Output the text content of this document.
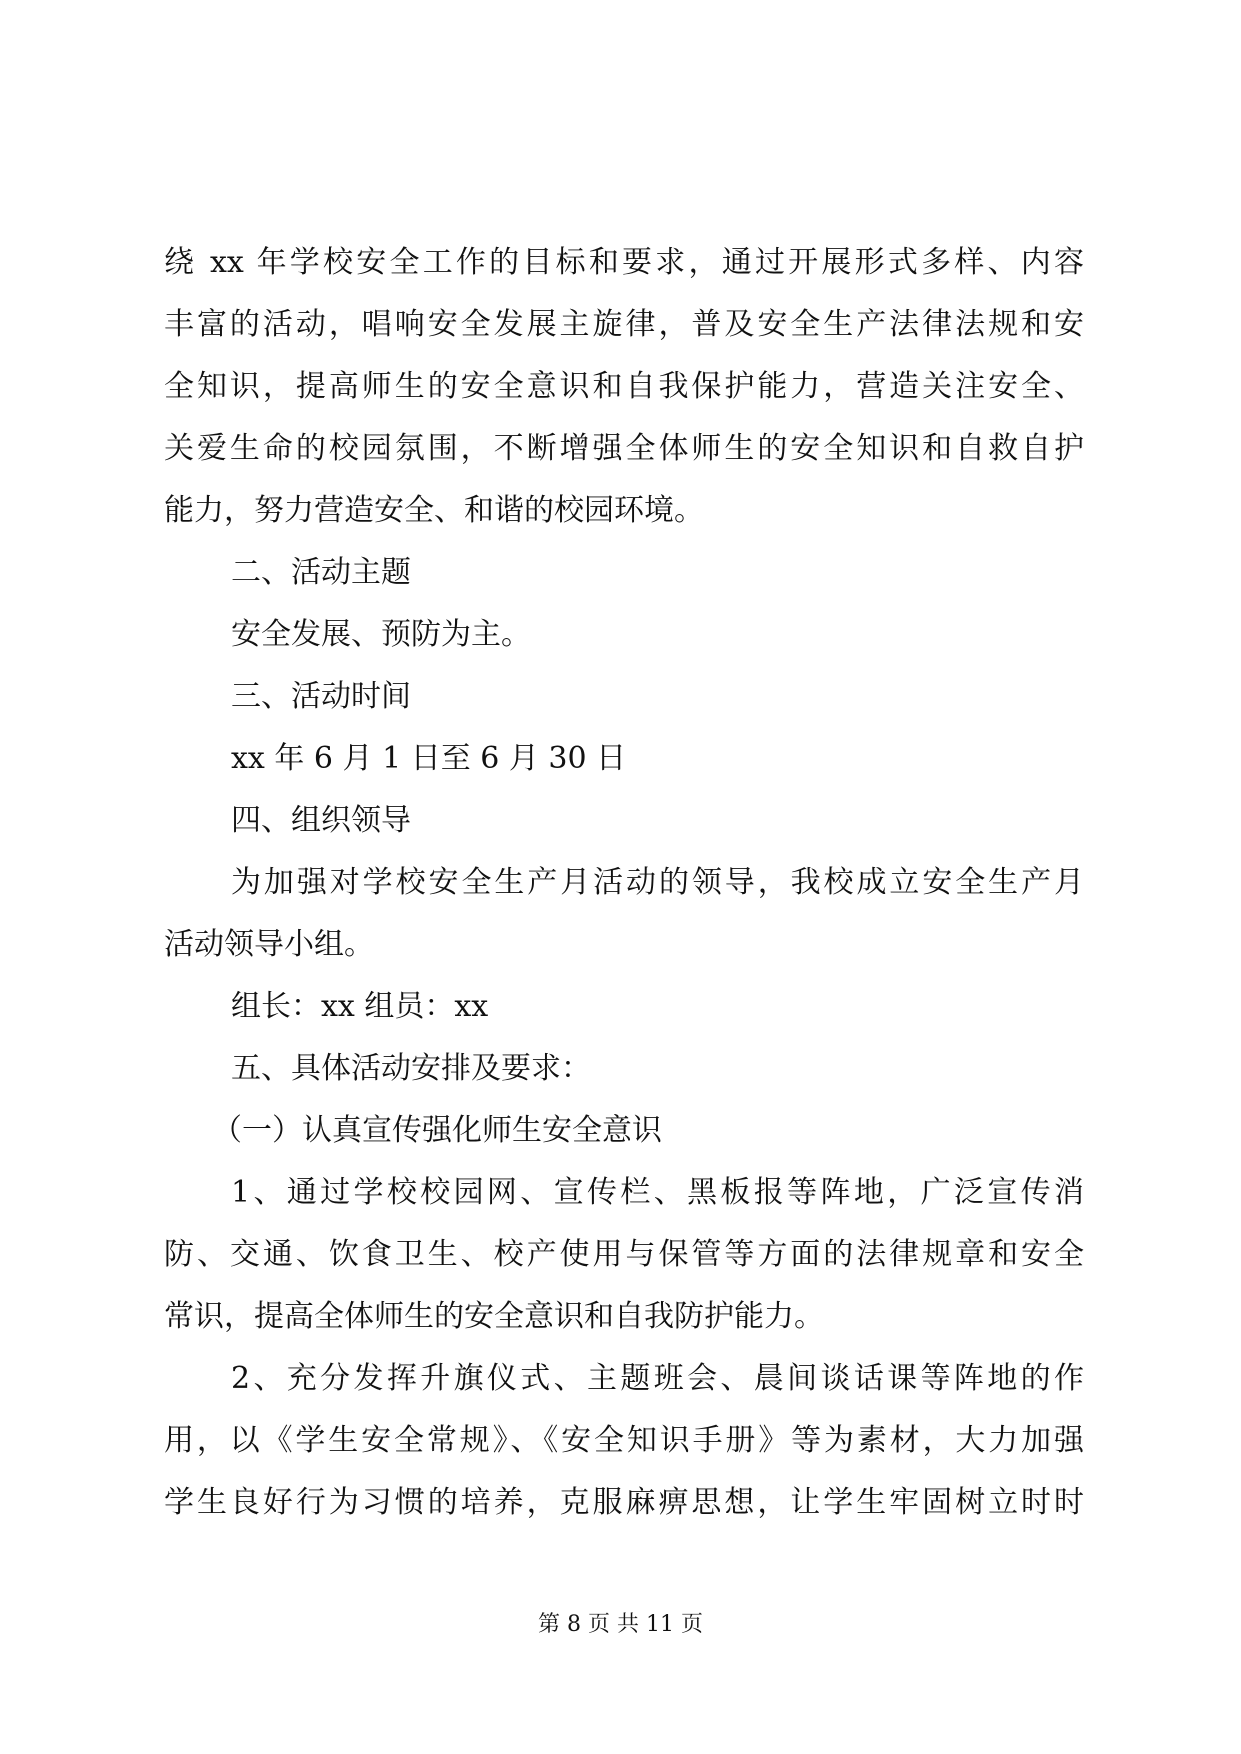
绕 xx 年学校安全工作的目标和要求，通过开展形式多样、内容
丰富的活动，唱响安全发展主旋律，普及安全生产法律法规和安
全知识，提高师生的安全意识和自我保护能力，营造关注安全、
关爱生命的校园氛围，不断增强全体师生的安全知识和自救自护
能力，努力营造安全、和谐的校园环境。
二、活动主题
安全发展、预防为主。
三、活动时间
xx 年 6 月 1 日至 6 月 30 日
四、组织领导
为加强对学校安全生产月活动的领导，我校成立安全生产月
活动领导小组。
组长：xx 组员：xx
五、具体活动安排及要求：
（一）认真宣传强化师生安全意识
1、通过学校校园网、宣传栏、黑板报等阵地，广泛宣传消
防、交通、饮食卫生、校产使用与保管等方面的法律规章和安全
常识，提高全体师生的安全意识和自我防护能力。
2、充分发挥升旗仪式、主题班会、晨间谈话课等阵地的作
用，以《学生安全常规》、《安全知识手册》等为素材，大力加强
学生良好行为习惯的培养，克服麻痹思想，让学生牢固树立时时
第 8 页 共 11 页
